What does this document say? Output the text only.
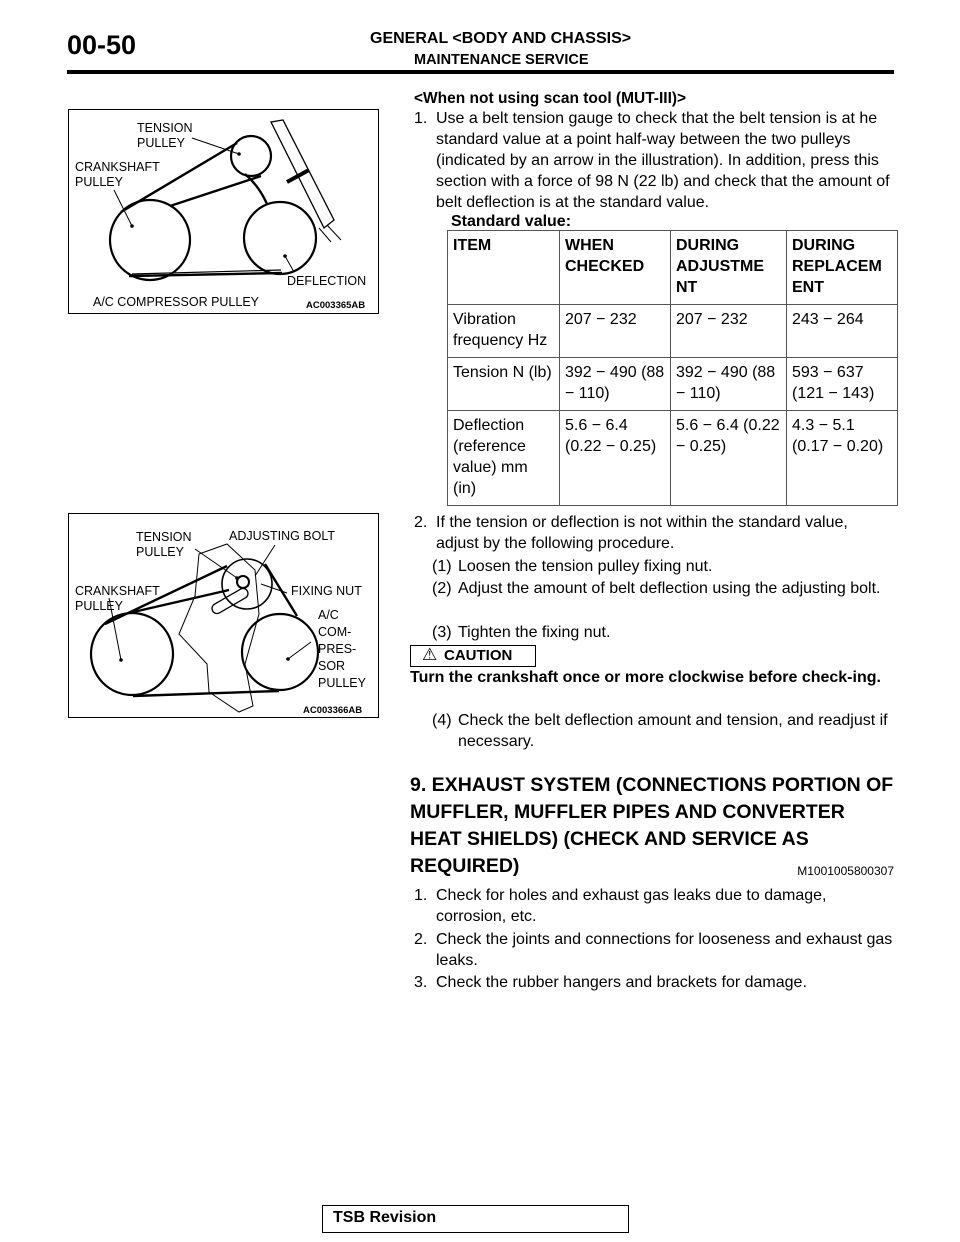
00-50	GENERAL <BODY AND CHASSIS>
MAINTENANCE SERVICE
TENSION
PULLEY
CRANKSHAFT
PULLEY
DEFLECTION
A/C COMPRESSOR PULLEY	AC003365AB
TENSION
PULLEY
ADJUSTING BOLT
CRANKSHAFT
PULLEY
FIXING NUT
A/C
COM-
PRES-
SOR
PULLEY
AC003366AB
<When not using scan tool (MUT-III)>
1. Use a belt tension gauge to check that the belt tension is at he standard value at a point half-way between the two pulleys (indicated by an arrow in the illustration). In addition, press this section with a force of 98 N (22 lb) and check that the amount of belt deflection is at the standard value.
Standard value:
ITEM	WHEN CHECKED	DURING ADJUSTME NT	DURING REPLACEM ENT
Vibration frequency Hz	207 − 232	207 − 232	243 − 264
Tension N (lb)	392 − 490 (88 − 110)	392 − 490 (88 − 110)	593 − 637 (121 − 143)
Deflection (reference value) mm (in)	5.6 − 6.4 (0.22 − 0.25)	5.6 − 6.4 (0.22 − 0.25)	4.3 − 5.1 (0.17 − 0.20)
2. If the tension or deflection is not within the standard value, adjust by the following procedure.
(1) Loosen the tension pulley fixing nut.
(2) Adjust the amount of belt deflection using the adjusting bolt.
(3) Tighten the fixing nut.
⚠ CAUTION
Turn the crankshaft once or more clockwise before check-ing.
(4) Check the belt deflection amount and tension, and readjust if necessary.
9. EXHAUST SYSTEM (CONNECTIONS PORTION OF MUFFLER, MUFFLER PIPES AND CONVERTER HEAT SHIELDS) (CHECK AND SERVICE AS REQUIRED)	M1001005800307
1. Check for holes and exhaust gas leaks due to damage, corrosion, etc.
2. Check the joints and connections for looseness and exhaust gas leaks.
3. Check the rubber hangers and brackets for damage.
TSB Revision
